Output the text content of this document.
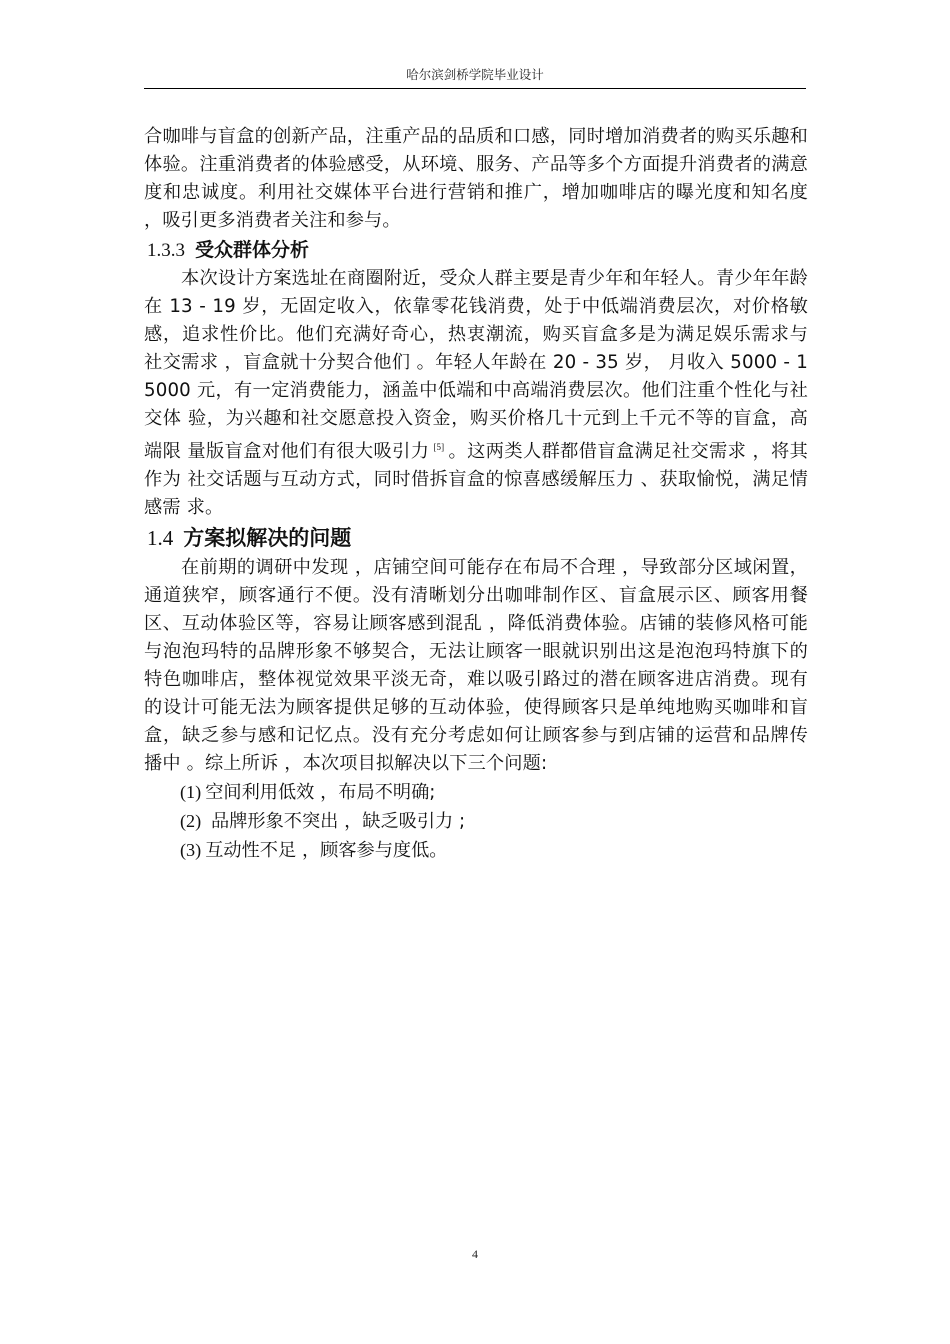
哈尔滨剑桥学院毕业设计

合咖啡与盲盒的创新产品，注重产品的品质和口感，同时增加消费者的购买乐趣和体验。注重消费者的体验感受，从环境、服务、产品等多个方面提升消费者的满意度和忠诚度。利用社交媒体平台进行营销和推广，增加咖啡店的曝光度和知名度 ，吸引更多消费者关注和参与。

1.3.3 受众群体分析

本次设计方案选址在商圈附近，受众人群主要是青少年和年轻人。青少年年龄在 13 - 19 岁，无固定收入，依靠零花钱消费，处于中低端消费层次，对价格敏 感，追求性价比。他们充满好奇心，热衷潮流，购买盲盒多是为满足娱乐需求与 社交需求 ，盲盒就十分契合他们 。年轻人年龄在 20 - 35 岁， 月收入 5000 - 15000 元，有一定消费能力，涵盖中低端和中高端消费层次。他们注重个性化与社交体 验，为兴趣和社交愿意投入资金，购买价格几十元到上千元不等的盲盒，高端限 量版盲盒对他们有很大吸引力 [5] 。这两类人群都借盲盒满足社交需求 ，将其作为 社交话题与互动方式，同时借拆盲盒的惊喜感缓解压力 、获取愉悦，满足情感需 求。

1.4 方案拟解决的问题

在前期的调研中发现 ，店铺空间可能存在布局不合理 ，导致部分区域闲置， 通道狭窄，顾客通行不便。没有清晰划分出咖啡制作区、盲盒展示区、顾客用餐 区、互动体验区等，容易让顾客感到混乱 ，降低消费体验。店铺的装修风格可能 与泡泡玛特的品牌形象不够契合，无法让顾客一眼就识别出这是泡泡玛特旗下的 特色咖啡店，整体视觉效果平淡无奇，难以吸引路过的潜在顾客进店消费。现有 的设计可能无法为顾客提供足够的互动体验，使得顾客只是单纯地购买咖啡和盲 盒，缺乏参与感和记忆点。没有充分考虑如何让顾客参与到店铺的运营和品牌传 播中 。综上所诉 ，本次项目拟解决以下三个问题:

(1) 空间利用低效 ，布局不明确;
(2) 品牌形象不突出 ，缺乏吸引力 ;
(3) 互动性不足 ，顾客参与度低。
4
